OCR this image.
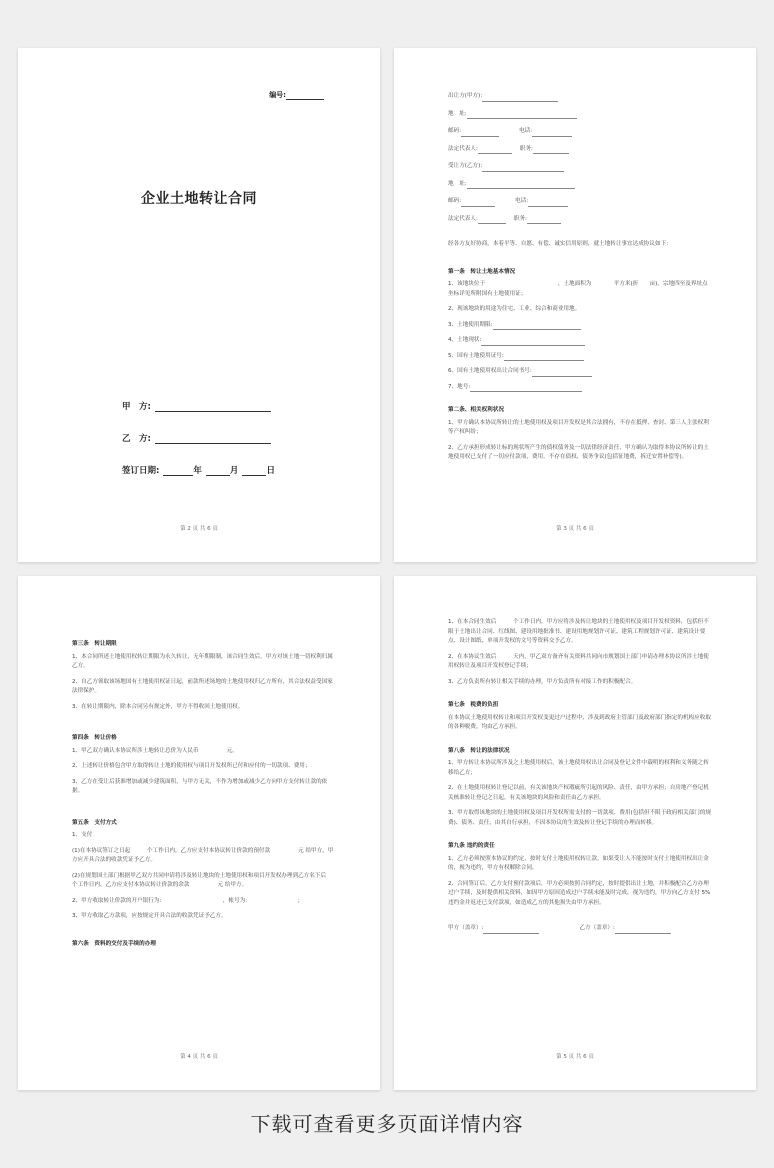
编号:
企业土地转让合同
甲　方:
乙　方:
签订日期:	年	月	日
第 2 页 共 6 页
出让方(甲方):
地　址:
邮码:	电话:
法定代表人:	职务:
受让方(乙方):
地　址:
邮码:	电话:
法定代表人:	职务:

经各方友好协商，本着平等、自愿、有偿、诚实信用原则，就土地转让事宜达成协议如下：

第一条　转让土地基本情况

1、该地块位于　　　　　　　　　　　　　，土地面积为　　　　平方米(折　　亩)。宗地四至及界址点坐标详见所附国有土地使用证；

2、现该地块的用途为住宅、工业、综合和商业用地。

3、土地使用期限:
4、土地现状:
5、国有土地使用证号:
6、国有土地使用权出让合同书号:
7、地号:
第二条、相关权利状况

1、甲方确认本协议所转让的土地使用权及项目开发权是其合法拥有，不存在抵押、查封、第三人主张权利等产权纠纷；

2、乙方承担形成转让标的现状所产生的债权债务及一切法律经济责任，甲方确认为取得本协议所转让的土地使用权已支付了一切应付款项，费用，不存在债权、债务争议(包括征地费，拆迁安置补偿等)。

第 3 页 共 6 页
第三条　转让期限

1、本合同所述土地使用权转让期限为永久转让，无年期限制，该合同生效后，甲方对该土地一切权利归属乙方。

2、自乙方领取该场地国有土地使用权证日起，前款所述场地的土地使用权归乙方所有，其合法权益受国家法律保护。

3、在转让期限内，除本合同另有规定外，甲方不得收回土地使用权。

第四条　转让价格

1、甲乙双方确认本协议所涉土地转让总价为人民币　　　　　元。

2、上述转让价格包含甲方取得转让土地的使用权与项目开发权所已付和应付的一切款项、费用；

3、乙方在受让后获准增加或减少建筑面积，与甲方无关，不作为增加或减少乙方向甲方支付转让款的依据。

第五条　支付方式

1、支付

(1)在本协议签订之日起　　　个工作日内，乙方应支付本协议转让价款的预付款　　　　　元 给甲方，甲方应开具合法的收款凭证予乙方。

(2)在规划国土部门根据甲乙双方共同申请将涉及转让地块的土地使用权和项目开发权办理到乙方名下后　　　个工作日内，乙方应支付本协议转让价款的余款　　　　　元 给甲方。

2、甲方收取转让价款的开户银行为:　　　　　　　　　　　，帐号为:　　　　　　　　　；

3、甲方收取乙方款项，应按规定开具合法的收款凭证予乙方。

第六条　资料的交付及手续的办理
第 4 页 共 6 页

1、在本合同生效后　　　个工作日内，甲方应将涉及转让地块的土地使用权及项目开发权资料，包括但不限于土地出让合同、红线图、建设用地批准书、建设用地规划许可证、建筑工程规划许可证、建筑设计要点、设计图纸、单项开发权的文号等资料交予乙方。

2、在本协议生效后　　　天内，甲乙双方备齐有关资料共同向市规划国土部门申请办理本协议所涉土地使用权转让及项目开发权登记手续；

3、乙方负责所有转让相关手续的办理，甲方负责所有对接工作的积极配合。

第七条　税费的负担

在本协议土地使用权转让和项目开发权变更过户过程中，涉及到政府主管部门及政府部门指定的机构应收取的各种税费，均由乙方承担。

第八条　转让的法律状况

1、甲方转让本协议所涉及之土地使用权后，该土地使用权出让合同及登记文件中载明的权利和义务随之转移给乙方；

2、在土地使用权转让登记以前，有关该地块产权瑕疵所引起的风险、责任，由甲方承担；自房地产登记机关核准转让登记之日起，有关该地块的风险和责任由乙方承担。

3、甲方取得该地块的土地使用权及项目开发权所需支付的一切款项、费用(包括但不限于政府相关部门的规费)、债务、责任，由其自行承担，不因本协议的生效及转让登记手续的办理而转移。

第九条 违约的责任

1、乙方必须按照本协议的约定，按时支付土地使用权转让款。如果受让人不能按时支付土地使用权出让金的，视为违约，甲方有权解除合同。

2、合同签订后，乙方支付预付款项后，甲方必须按照合同约定，按时提供出让土地，并积极配合乙方办理过户手续，及时提供相关资料，如因甲方原因造成过户手续未能及时完成，视为违约，甲方向乙方支付 5%违约金并返还已支付款项，如造成乙方的其他损失由甲方承担。

甲方（盖章）:	乙方（盖章）:
第 5 页 共 6 页
下载可查看更多页面详情内容
